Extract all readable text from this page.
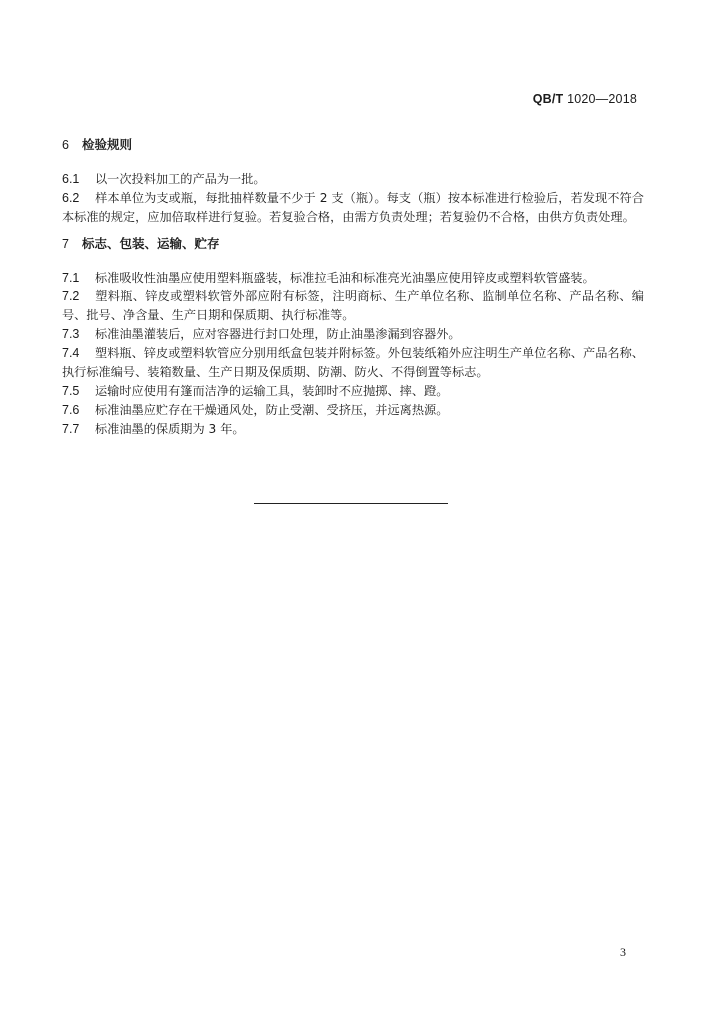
QB/T 1020—2018
6 检验规则

6.1 以一次投料加工的产品为一批。

6.2 样本单位为支或瓶，每批抽样数量不少于 2 支（瓶）。每支（瓶）按本标准进行检验后，若发现不符合本标准的规定，应加倍取样进行复验。若复验合格，由需方负责处理；若复验仍不合格，由供方负责处理。

7 标志、包装、运输、贮存

7.1 标准吸收性油墨应使用塑料瓶盛装，标准拉毛油和标准亮光油墨应使用锌皮或塑料软管盛装。

7.2 塑料瓶、锌皮或塑料软管外部应附有标签，注明商标、生产单位名称、监制单位名称、产品名称、编号、批号、净含量、生产日期和保质期、执行标准等。

7.3 标准油墨灌装后，应对容器进行封口处理，防止油墨渗漏到容器外。

7.4 塑料瓶、锌皮或塑料软管应分别用纸盒包装并附标签。外包装纸箱外应注明生产单位名称、产品名称、执行标准编号、装箱数量、生产日期及保质期、防潮、防火、不得倒置等标志。

7.5 运输时应使用有篷而洁净的运输工具，装卸时不应抛掷、摔、蹬。

7.6 标准油墨应贮存在干燥通风处，防止受潮、受挤压，并远离热源。

7.7 标准油墨的保质期为 3 年。

3
